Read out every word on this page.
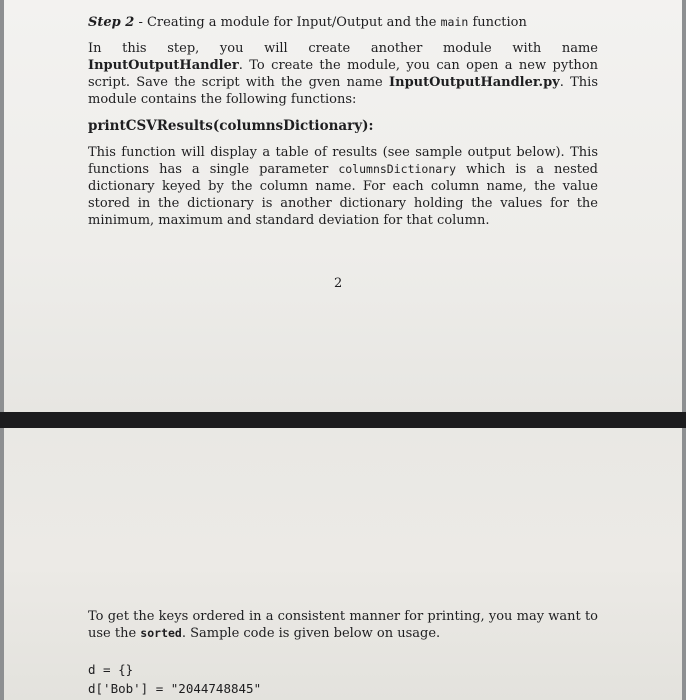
Step 2 - Creating a module for Input/Output and the main function
In this step, you will create another module with name InputOutputHandler. To create the module, you can open a new python script. Save the script with the gven name InputOutputHandler.py. This module contains the following functions:
printCSVResults(columnsDictionary):
This function will display a table of results (see sample output below). This functions has a single parameter columnsDictionary which is a nested dictionary keyed by the column name. For each column name, the value stored in the dictionary is another dictionary holding the values for the minimum, maximum and standard deviation for that column.
2
To get the keys ordered in a consistent manner for printing, you may want to use the sorted. Sample code is given below on usage.
d = {}
d['Bob'] = "2044748845"
